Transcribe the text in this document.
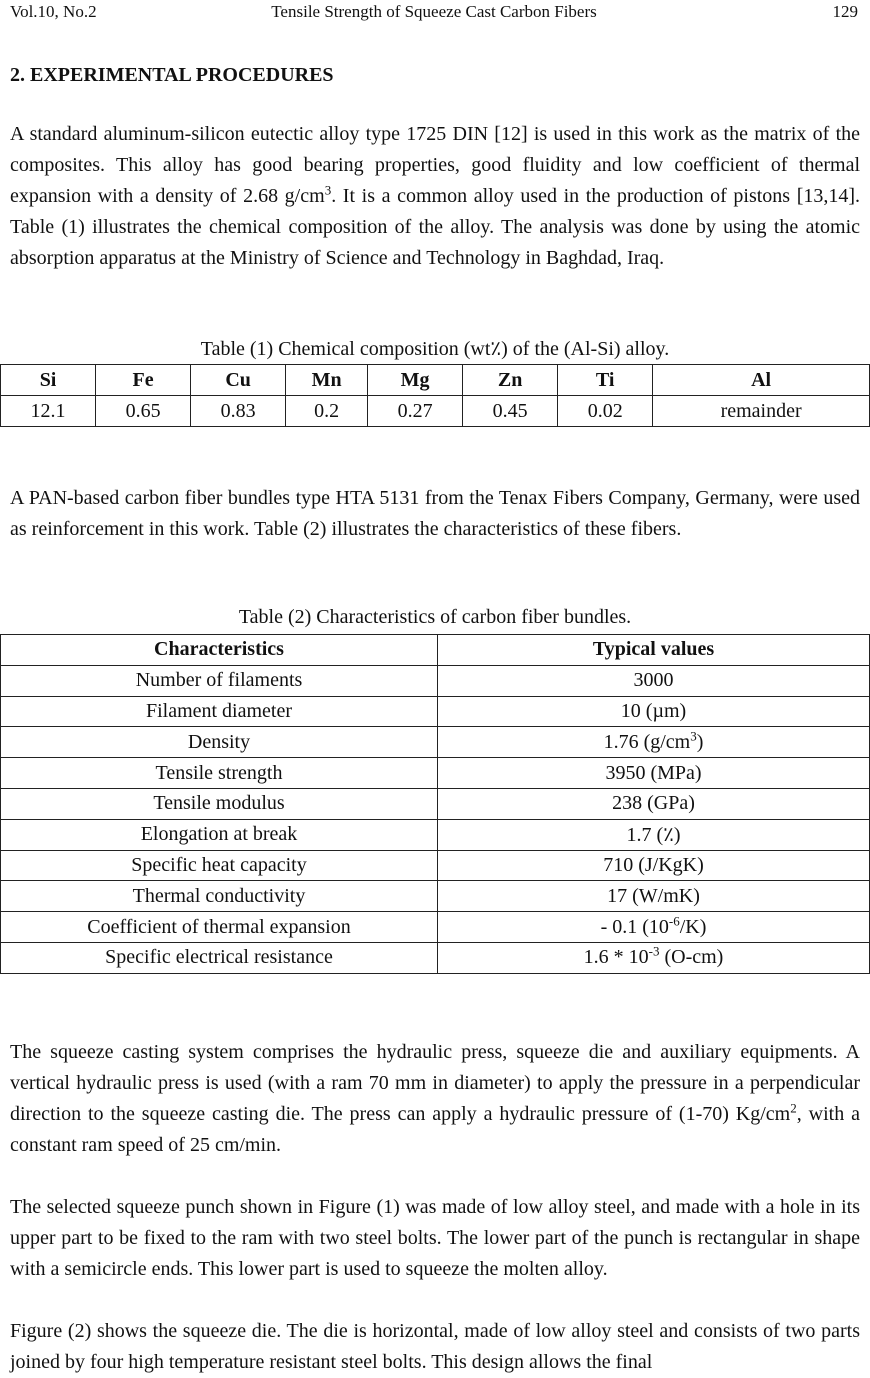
Vol.10, No.2	Tensile Strength of Squeeze Cast Carbon Fibers	129
2. EXPERIMENTAL PROCEDURES

A standard aluminum-silicon eutectic alloy type 1725 DIN [12] is used in this work as the matrix of the composites. This alloy has good bearing properties, good fluidity and low coefficient of thermal expansion with a density of 2.68 $g/cm^3$. It is a common alloy used in the production of pistons [13,14]. Table (1) illustrates the chemical composition of the alloy. The analysis was done by using the atomic absorption apparatus at the Ministry of Science and Technology in Baghdad, Iraq.

Table (1) Chemical composition (wt٪) of the (Al-Si) alloy.

Si	Fe	Cu	Mn	Mg	Zn	Ti	Al
12.1	0.65	0.83	0.2	0.27	0.45	0.02	remainder

A PAN-based carbon fiber bundles type HTA 5131 from the Tenax Fibers Company, Germany, were used as reinforcement in this work. Table (2) illustrates the characteristics of these fibers.

Table (2) Characteristics of carbon fiber bundles.

Characteristics	Typical values
Number of filaments	3000
Filament diameter	10 (µm)
Density	1.76 $(g/cm^3)$
Tensile strength	3950 (MPa)
Tensile modulus	238 (GPa)
Elongation at break	1.7 (٪)
Specific heat capacity	710 (J/KgK)
Thermal conductivity	17 (W/mK)
Coefficient of thermal expansion	- 0.1 $(10^{-6}/K)$
Specific electrical resistance	$1.6 * 10^{-3}$ (O-cm)

The squeeze casting system comprises the hydraulic press, squeeze die and auxiliary equipments. A vertical hydraulic press is used (with a ram 70 mm in diameter) to apply the pressure in a perpendicular direction to the squeeze casting die. The press can apply a hydraulic pressure of (1-70) $Kg/cm^2$, with a constant ram speed of 25 cm/min.

The selected squeeze punch shown in Figure (1) was made of low alloy steel, and made with a hole in its upper part to be fixed to the ram with two steel bolts. The lower part of the punch is rectangular in shape with a semicircle ends. This lower part is used to squeeze the molten alloy.

Figure (2) shows the squeeze die. The die is horizontal, made of low alloy steel and consists of two parts joined by four high temperature resistant steel bolts. This design allows the final
